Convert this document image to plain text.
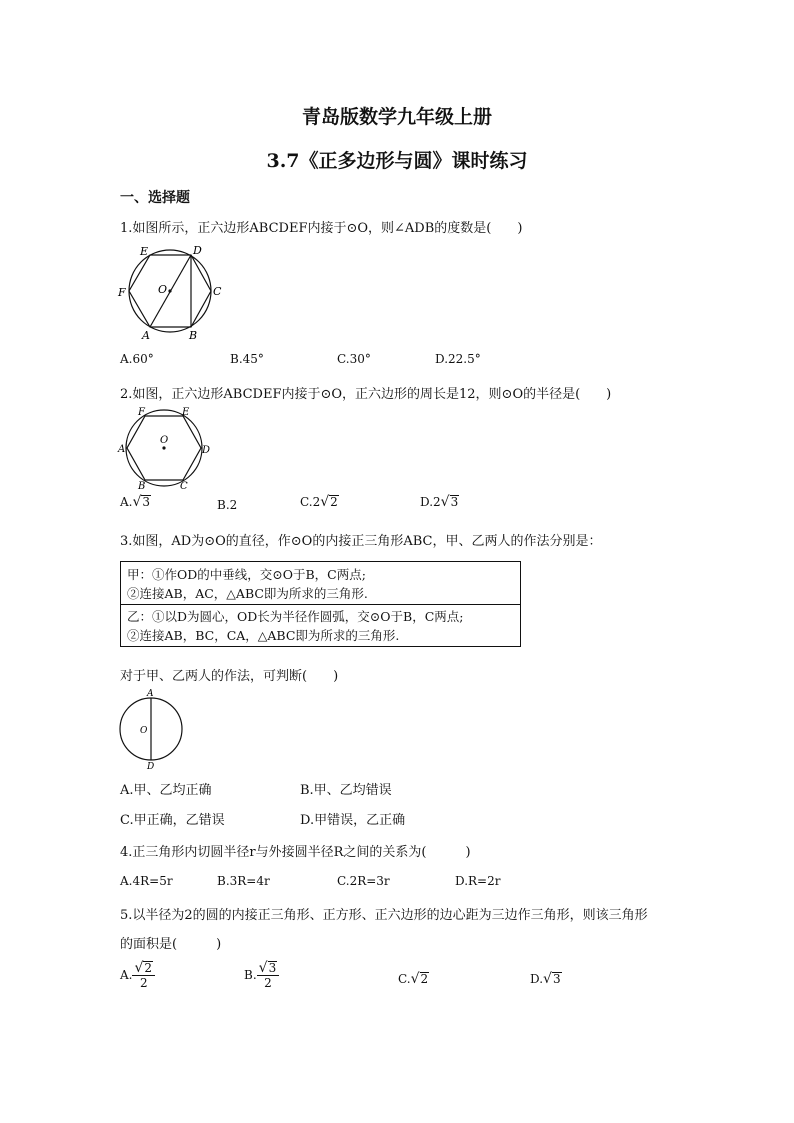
青岛版数学九年级上册
3.7《正多边形与圆》课时练习
一、选择题
1.如图所示，正六边形ABCDEF内接于⊙O，则∠ADB的度数是(　　)
E	D
F	O	C
A	B
A.60°	B.45°	C.30°	D.22.5°
2.如图，正六边形ABCDEF内接于⊙O，正六边形的周长是12，则⊙O的半径是(　　)
F	E
A
O
D
B	C
A. √ 3	B.2	C.2 √ 2	D.2 √ 3
3.如图，AD为⊙O的直径，作⊙O的内接正三角形ABC，甲、乙两人的作法分别是：
甲：①作OD的中垂线，交⊙O于B，C两点;
②连接AB，AC，△ABC即为所求的三角形.
乙：①以D为圆心，OD长为半径作圆弧，交⊙O于B，C两点;
②连接AB，BC，CA，△ABC即为所求的三角形.
对于甲、乙两人的作法，可判断(　　)
A
O
D
A.甲、乙均正确	B.甲、乙均错误
C.甲正确，乙错误	D.甲错误，乙正确
4.正三角形内切圆半径r与外接圆半径R之间的关系为(　　　)
A.4R=5r	B.3R=4r	C.2R=3r	D.R=2r
5.以半径为2的圆的内接正三角形、正方形、正六边形的边心距为三边作三角形，则该三角形
的面积是(　　　)
A. $\frac{√ 2}{2}$	B. $\frac{√ 3}{2}$	C. √ 2	D. √ 3
